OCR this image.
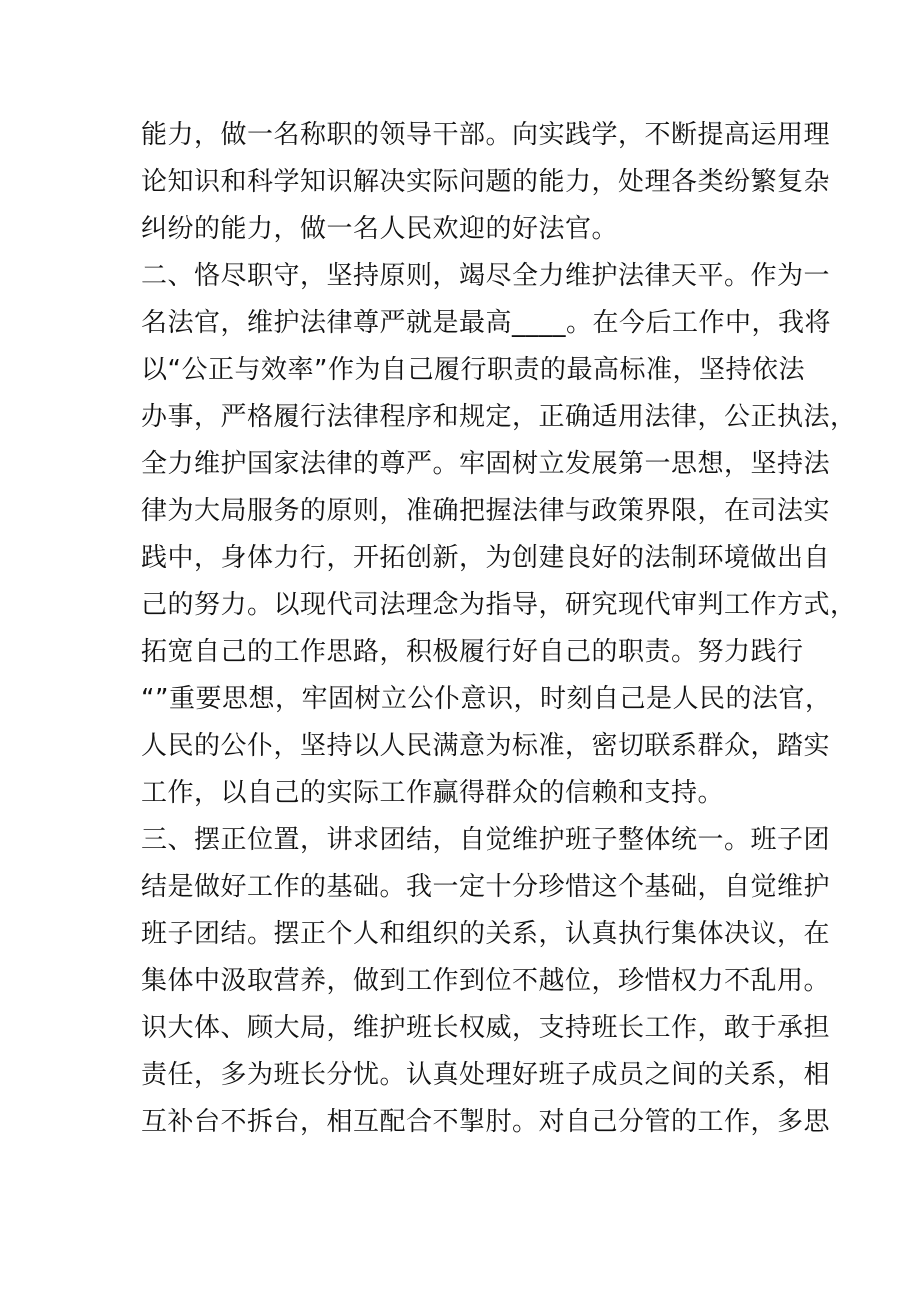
能力，做一名称职的领导干部。向实践学，不断提高运用理
论知识和科学知识解决实际问题的能力，处理各类纷繁复杂
纠纷的能力，做一名人民欢迎的好法官。
二、恪尽职守，坚持原则，竭尽全力维护法律天平。作为一
名法官，维护法律尊严就是最高____。在今后工作中，我将
以“公正与效率”作为自己履行职责的最高标准，坚持依法
办事，严格履行法律程序和规定，正确适用法律，公正执法，
全力维护国家法律的尊严。牢固树立发展第一思想，坚持法
律为大局服务的原则，准确把握法律与政策界限，在司法实
践中，身体力行，开拓创新，为创建良好的法制环境做出自
己的努力。以现代司法理念为指导，研究现代审判工作方式，
拓宽自己的工作思路，积极履行好自己的职责。努力践行
“”重要思想，牢固树立公仆意识，时刻自己是人民的法官，
人民的公仆，坚持以人民满意为标准，密切联系群众，踏实
工作，以自己的实际工作赢得群众的信赖和支持。
三、摆正位置，讲求团结，自觉维护班子整体统一。班子团
结是做好工作的基础。我一定十分珍惜这个基础，自觉维护
班子团结。摆正个人和组织的关系，认真执行集体决议，在
集体中汲取营养，做到工作到位不越位，珍惜权力不乱用。
识大体、顾大局，维护班长权威，支持班长工作，敢于承担
责任，多为班长分忧。认真处理好班子成员之间的关系，相
互补台不拆台，相互配合不掣肘。对自己分管的工作，多思
